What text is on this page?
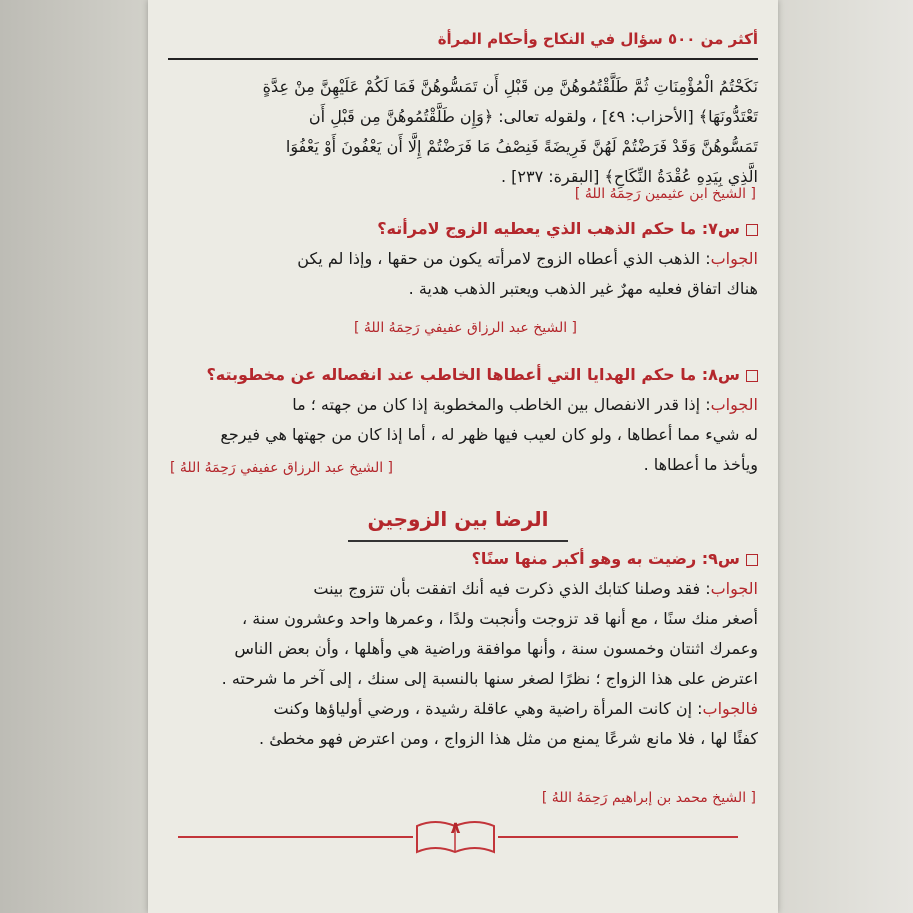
أكثر من ٥٠٠ سؤال في النكاح وأحكام المرأة
نَكَحْتُمُ الْمُؤْمِنَاتِ ثُمَّ طَلَّقْتُمُوهُنَّ مِن قَبْلِ أَن تَمَسُّوهُنَّ فَمَا لَكُمْ عَلَيْهِنَّ مِنْ عِدَّةٍ
تَعْتَدُّونَهَا﴾ [الأحزاب: ٤٩] ، ولقوله تعالى: ﴿وَإِن طَلَّقْتُمُوهُنَّ مِن قَبْلِ أَن
تَمَسُّوهُنَّ وَقَدْ فَرَضْتُمْ لَهُنَّ فَرِيضَةً فَنِصْفُ مَا فَرَضْتُمْ إِلَّا أَن يَعْفُونَ أَوْ يَعْفُوَا
الَّذِي بِيَدِهِ عُقْدَةُ النِّكَاحِ﴾ [البقرة: ٢٣٧] .
[ الشيخ ابن عثيمين رَحِمَهُ اللهُ ]
س٧: ما حكم الذهب الذي يعطيه الزوج لامرأته؟
الجواب: الذهب الذي أعطاه الزوج لامرأته يكون من حقها ، وإذا لم يكن
هناك اتفاق فعليه مهرٌ غير الذهب ويعتبر الذهب هدية .
[ الشيخ عبد الرزاق عفيفي رَحِمَهُ اللهُ ]
س٨: ما حكم الهدايا التي أعطاها الخاطب عند انفصاله عن مخطوبته؟
الجواب: إذا قدر الانفصال بين الخاطب والمخطوبة إذا كان من جهته ؛ ما
له شيء مما أعطاها ، ولو كان لعيب فيها ظهر له ، أما إذا كان من جهتها هي فيرجع
ويأخذ ما أعطاها .
[ الشيخ عبد الرزاق عفيفي رَحِمَهُ اللهُ ]
الرضا بين الزوجين
س٩: رضيت به وهو أكبر منها سنًا؟
الجواب: فقد وصلنا كتابك الذي ذكرت فيه أنك اتفقت بأن تتزوج بينت
أصغر منك سنًا ، مع أنها قد تزوجت وأنجبت ولدًا ، وعمرها واحد وعشرون سنة ،
وعمرك اثنتان وخمسون سنة ، وأنها موافقة وراضية هي وأهلها ، وأن بعض الناس
اعترض على هذا الزواج ؛ نظرًا لصغر سنها بالنسبة إلى سنك ، إلى آخر ما شرحته .
فالجواب: إن كانت المرأة راضية وهي عاقلة رشيدة ، ورضي أولياؤها وكنت
كفئًا لها ، فلا مانع شرعًا يمنع من مثل هذا الزواج ، ومن اعترض فهو مخطئ .
[ الشيخ محمد بن إبراهيم رَحِمَهُ اللهُ ]
٨
